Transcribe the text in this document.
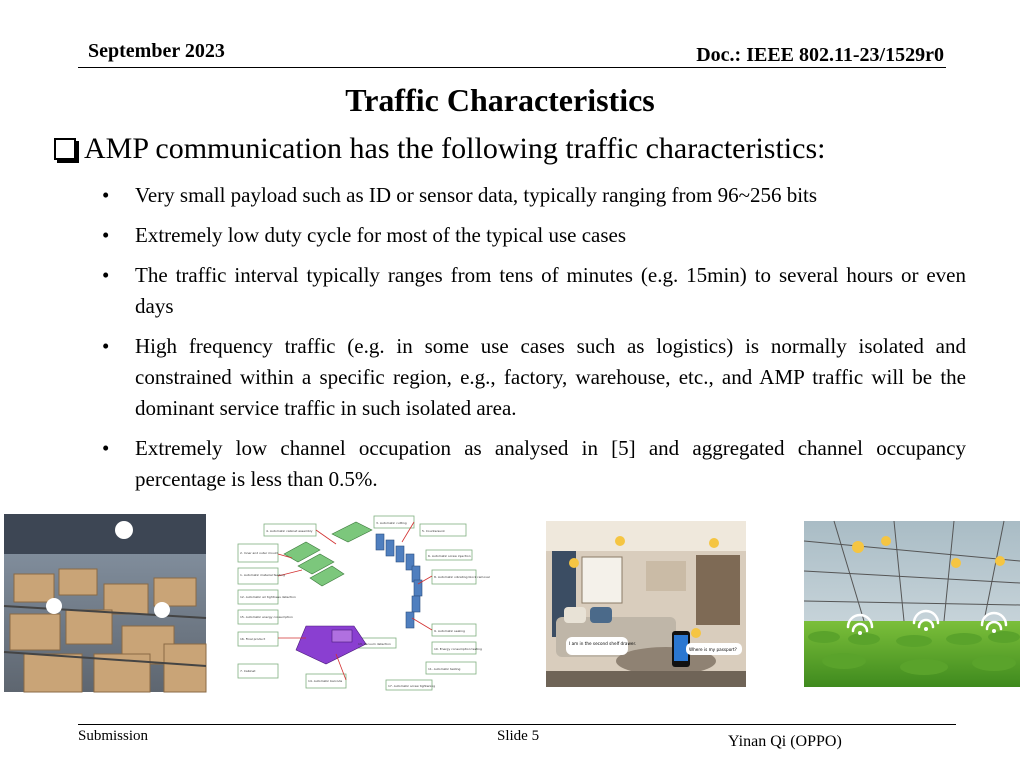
September 2023	Doc.: IEEE 802.11-23/1529r0
Traffic Characteristics
AMP communication has the following traffic characteristics:
• Very small payload such as ID or sensor data, typically ranging from 96~256 bits
• Extremely low duty cycle for most of the typical use cases
• The traffic interval typically ranges from tens of minutes (e.g. 15min) to several hours or even days
• High frequency traffic (e.g. in some use cases such as logistics) is normally isolated and constrained within a specific region, e.g., factory, warehouse, etc., and AMP traffic will be the dominant service traffic in such isolated area.
• Extremely low channel occupation as analysed in [5] and aggregated channel occupancy percentage is less than 0.5%.
4. Automatic cabinet assembly
3. Automatic cutting
5. Countersunk
6. Automatic screw injection
8. Automatic vibrating block removal
2. Inner and outer mould
1. Automatic material feeding
9. Automatic sealing
10. Energy consumption testing
11. Automatic testing
13. Vacuum detection
14. Automatic barcode
17. Automatic screw tightening
12. Automatic air tightness detection
15. Automatic energy consumption
16. Final product
7. Cabinet
I am in the second shelf drawer.
Where is my passport?
Submission	Slide 5	Yinan Qi (OPPO)
